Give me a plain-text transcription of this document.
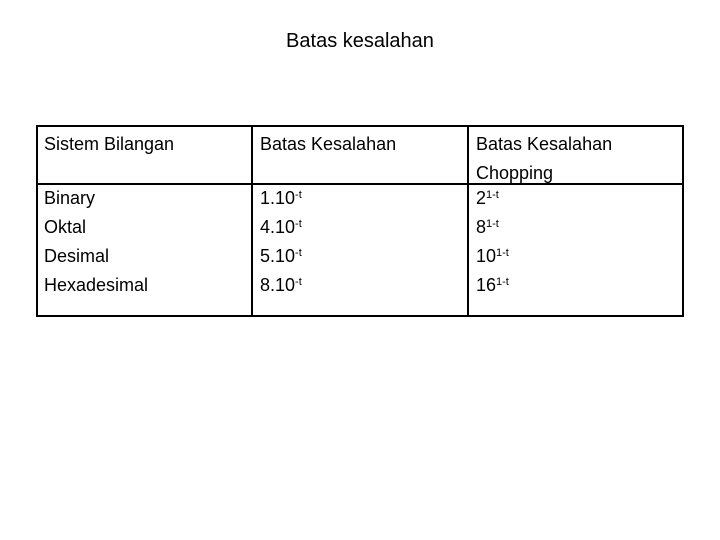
Batas kesalahan
Sistem Bilangan	Batas Kesalahan	Batas Kesalahan
Chopping
Binary
Oktal
Desimal
Hexadesimal
$1.10^{-t}$
$4.10^{-t}$
$5.10^{-t}$
$8.10^{-t}$
2$^{1-t}$
8$^{1-t}$
10$^{1-t}$
16$^{1-t}$
